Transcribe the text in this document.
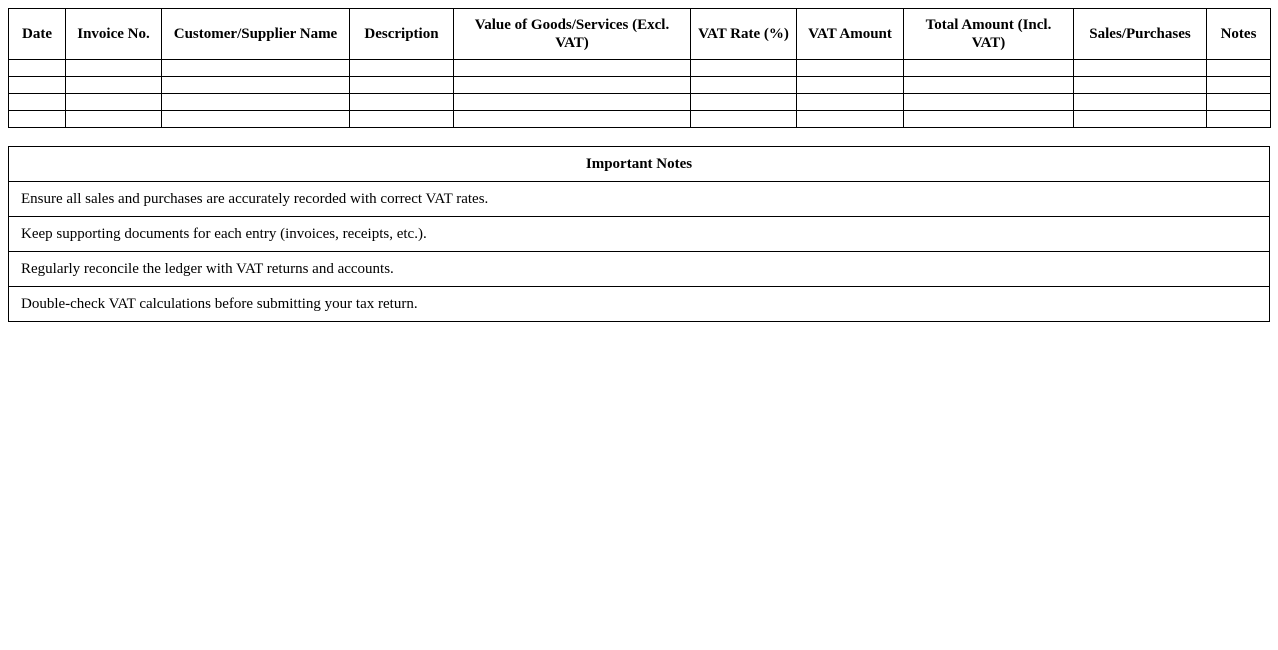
Date	Invoice No.	Customer/Supplier Name	Description	Value of Goods/Services (Excl. VAT)	VAT Rate (%)	VAT Amount	Total Amount (Incl. VAT)	Sales/Purchases	Notes

Important Notes
Ensure all sales and purchases are accurately recorded with correct VAT rates.
Keep supporting documents for each entry (invoices, receipts, etc.).
Regularly reconcile the ledger with VAT returns and accounts.
Double-check VAT calculations before submitting your tax return.
